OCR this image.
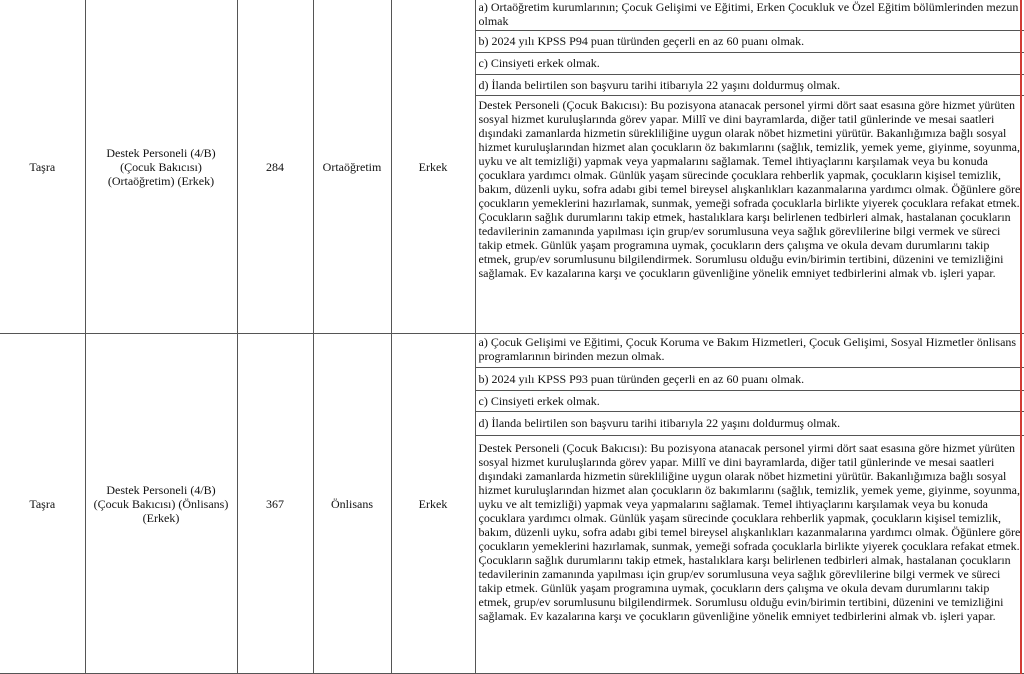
Taşra	Destek Personeli (4/B) (Çocuk Bakıcısı) (Ortaöğretim) (Erkek)	284	Ortaöğretim	Erkek	a) Ortaöğretim kurumlarının; Çocuk Gelişimi ve Eğitimi, Erken Çocukluk ve Özel Eğitim bölümlerinden mezun olmak
					b) 2024 yılı KPSS P94 puan türünden geçerli en az 60 puanı olmak.
					c) Cinsiyeti erkek olmak.
					d) İlanda belirtilen son başvuru tarihi itibarıyla 22 yaşını doldurmuş olmak.
					Destek Personeli (Çocuk Bakıcısı): Bu pozisyona atanacak personel yirmi dört saat esasına göre hizmet yürüten sosyal hizmet kuruluşlarında görev yapar. Millî ve dini bayramlarda, diğer tatil günlerinde ve mesai saatleri dışındaki zamanlarda hizmetin sürekliliğine uygun olarak nöbet hizmetini yürütür. Bakanlığımıza bağlı sosyal hizmet kuruluşlarından hizmet alan çocukların öz bakımlarını (sağlık, temizlik, yemek yeme, giyinme, soyunma, uyku ve alt temizliği) yapmak veya yapmalarını sağlamak. Temel ihtiyaçlarını karşılamak veya bu konuda çocuklara yardımcı olmak. Günlük yaşam sürecinde çocuklara rehberlik yapmak, çocukların kişisel temizlik, bakım, düzenli uyku, sofra adabı gibi temel bireysel alışkanlıkları kazanmalarına yardımcı olmak. Öğünlere göre çocukların yemeklerini hazırlamak, sunmak, yemeği sofrada çocuklarla birlikte yiyerek çocuklara refakat etmek. Çocukların sağlık durumlarını takip etmek, hastalıklara karşı belirlenen tedbirleri almak, hastalanan çocukların tedavilerinin zamanında yapılması için grup/ev sorumlusuna veya sağlık görevlilerine bilgi vermek ve süreci takip etmek. Günlük yaşam programına uymak, çocukların ders çalışma ve okula devam durumlarını takip etmek, grup/ev sorumlusunu bilgilendirmek. Sorumlusu olduğu evin/birimin tertibini, düzenini ve temizliğini sağlamak. Ev kazalarına karşı ve çocukların güvenliğine yönelik emniyet tedbirlerini almak vb. işleri yapar.
Taşra	Destek Personeli (4/B) (Çocuk Bakıcısı) (Önlisans) (Erkek)	367	Önlisans	Erkek	a) Çocuk Gelişimi ve Eğitimi, Çocuk Koruma ve Bakım Hizmetleri, Çocuk Gelişimi, Sosyal Hizmetler önlisans programlarının birinden mezun olmak.
					b) 2024 yılı KPSS P93 puan türünden geçerli en az 60 puanı olmak.
					c) Cinsiyeti erkek olmak.
					d) İlanda belirtilen son başvuru tarihi itibarıyla 22 yaşını doldurmuş olmak.
					Destek Personeli (Çocuk Bakıcısı): Bu pozisyona atanacak personel yirmi dört saat esasına göre hizmet yürüten sosyal hizmet kuruluşlarında görev yapar. Millî ve dini bayramlarda, diğer tatil günlerinde ve mesai saatleri dışındaki zamanlarda hizmetin sürekliliğine uygun olarak nöbet hizmetini yürütür. Bakanlığımıza bağlı sosyal hizmet kuruluşlarından hizmet alan çocukların öz bakımlarını (sağlık, temizlik, yemek yeme, giyinme, soyunma, uyku ve alt temizliği) yapmak veya yapmalarını sağlamak. Temel ihtiyaçlarını karşılamak veya bu konuda çocuklara yardımcı olmak. Günlük yaşam sürecinde çocuklara rehberlik yapmak, çocukların kişisel temizlik, bakım, düzenli uyku, sofra adabı gibi temel bireysel alışkanlıkları kazanmalarına yardımcı olmak. Öğünlere göre çocukların yemeklerini hazırlamak, sunmak, yemeği sofrada çocuklarla birlikte yiyerek çocuklara refakat etmek. Çocukların sağlık durumlarını takip etmek, hastalıklara karşı belirlenen tedbirleri almak, hastalanan çocukların tedavilerinin zamanında yapılması için grup/ev sorumlusuna veya sağlık görevlilerine bilgi vermek ve süreci takip etmek. Günlük yaşam programına uymak, çocukların ders çalışma ve okula devam durumlarını takip etmek, grup/ev sorumlusunu bilgilendirmek. Sorumlusu olduğu evin/birimin tertibini, düzenini ve temizliğini sağlamak. Ev kazalarına karşı ve çocukların güvenliğine yönelik emniyet tedbirlerini almak vb. işleri yapar.
